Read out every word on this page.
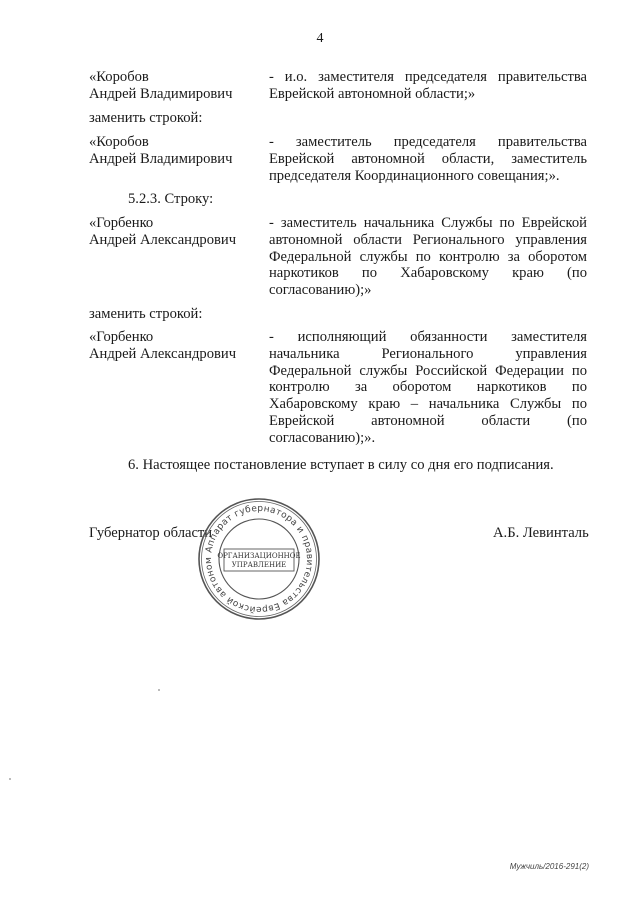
4
«Коробов
Андрей Владимирович
- и.о. заместителя председателя правительства
Еврейской автономной области;»
заменить строкой:
«Коробов
Андрей Владимирович
- заместитель председателя правительства
Еврейской автономной области, заместитель
председателя Координационного совещания;».
5.2.3. Строку:
«Горбенко
Андрей Александрович
- заместитель начальника Службы по Еврейской
автономной области Регионального управления
Федеральной службы по контролю за оборотом
наркотиков по Хабаровскому краю (по
согласованию);»
заменить строкой:
«Горбенко
Андрей Александрович
- исполняющий обязанности заместителя
начальника Регионального управления
Федеральной службы Российской Федерации по
контролю за оборотом наркотиков по
Хабаровскому краю – начальника Службы по
Еврейской автономной области (по
согласованию);».
6. Настоящее постановление вступает в силу со дня его подписания.
Губернатор области	А.Б. Левинталь
Аппарат губернатора и правительства Еврейской автоном
ОРГАНИЗАЦИОННОЕ
УПРАВЛЕНИЕ
Мужчиль/2016-291(2)
